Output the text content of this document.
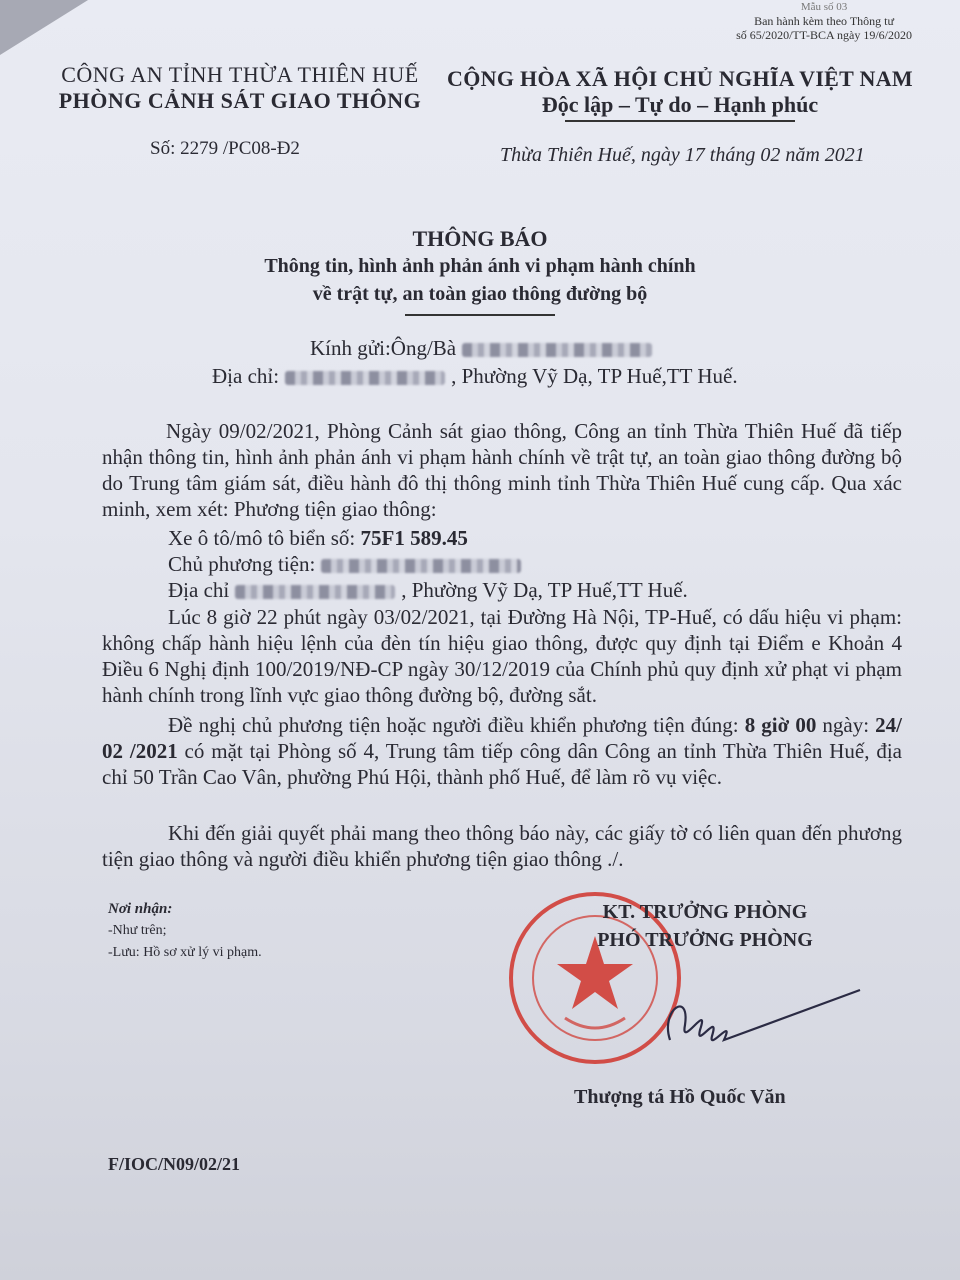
Mẫu số 03
Ban hành kèm theo Thông tư
số 65/2020/TT-BCA ngày 19/6/2020
CÔNG AN TỈNH THỪA THIÊN HUẾ
PHÒNG CẢNH SÁT GIAO THÔNG
CỘNG HÒA XÃ HỘI CHỦ NGHĨA VIỆT NAM
Độc lập – Tự do – Hạnh phúc
Số: 2279 /PC08-Đ2	Thừa Thiên Huế, ngày 17 tháng 02 năm 2021
THÔNG BÁO
Thông tin, hình ảnh phản ánh vi phạm hành chính
về trật tự, an toàn giao thông đường bộ
Kính gửi:Ông/Bà
Địa chỉ:	, Phường Vỹ Dạ, TP Huế,TT Huế.
Ngày 09/02/2021, Phòng Cảnh sát giao thông, Công an tỉnh Thừa Thiên Huế đã tiếp nhận thông tin, hình ảnh phản ánh vi phạm hành chính về trật tự, an toàn giao thông đường bộ do Trung tâm giám sát, điều hành đô thị thông minh tỉnh Thừa Thiên Huế cung cấp. Qua xác minh, xem xét: Phương tiện giao thông:
Xe ô tô/mô tô biển số: 75F1 589.45
Chủ phương tiện:
Địa chỉ	, Phường Vỹ Dạ, TP Huế,TT Huế.
Lúc 8 giờ 22 phút ngày 03/02/2021, tại Đường Hà Nội, TP-Huế, có dấu hiệu vi phạm: không chấp hành hiệu lệnh của đèn tín hiệu giao thông, được quy định tại Điểm e Khoản 4 Điều 6 Nghị định 100/2019/NĐ-CP ngày 30/12/2019 của Chính phủ quy định xử phạt vi phạm hành chính trong lĩnh vực giao thông đường bộ, đường sắt.
Đề nghị chủ phương tiện hoặc người điều khiển phương tiện đúng: 8 giờ 00 ngày: 24/ 02 /2021 có mặt tại Phòng số 4, Trung tâm tiếp công dân Công an tỉnh Thừa Thiên Huế, địa chỉ 50 Trần Cao Vân, phường Phú Hội, thành phố Huế, để làm rõ vụ việc.
Khi đến giải quyết phải mang theo thông báo này, các giấy tờ có liên quan đến phương tiện giao thông và người điều khiển phương tiện giao thông ./.
Nơi nhận:
-Như trên;
-Lưu: Hồ sơ xử lý vi phạm.
KT. TRƯỞNG PHÒNG
PHÓ TRƯỞNG PHÒNG
Thượng tá Hồ Quốc Văn
F/IOC/N09/02/21
